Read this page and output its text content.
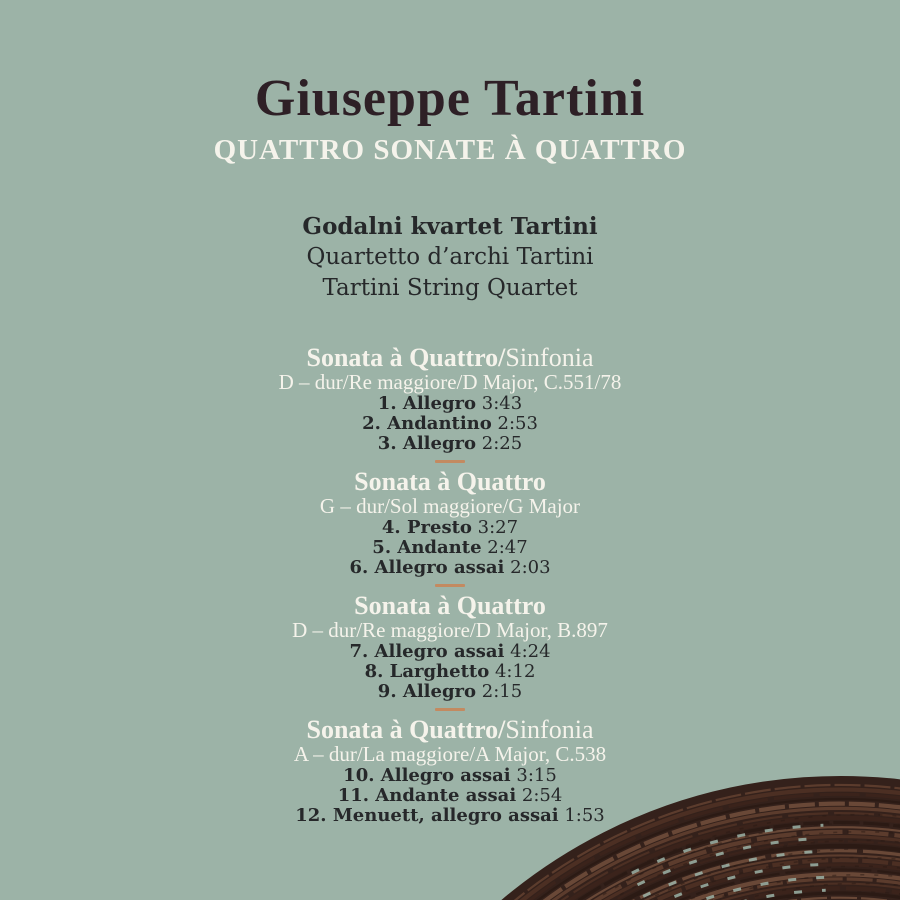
Giuseppe Tartini
QUATTRO SONATE À QUATTRO
Godalni kvartet Tartini
Quartetto d’archi Tartini
Tartini String Quartet
Sonata à Quattro/Sinfonia
D – dur/Re maggiore/D Major, C.551/78
1. Allegro 3:43
2. Andantino 2:53
3. Allegro 2:25
Sonata à Quattro
G – dur/Sol maggiore/G Major
4. Presto 3:27
5. Andante 2:47
6. Allegro assai 2:03
Sonata à Quattro
D – dur/Re maggiore/D Major, B.897
7. Allegro assai 4:24
8. Larghetto 4:12
9. Allegro 2:15
Sonata à Quattro/Sinfonia
A – dur/La maggiore/A Major, C.538
10. Allegro assai 3:15
11. Andante assai 2:54
12. Menuett, allegro assai 1:53
